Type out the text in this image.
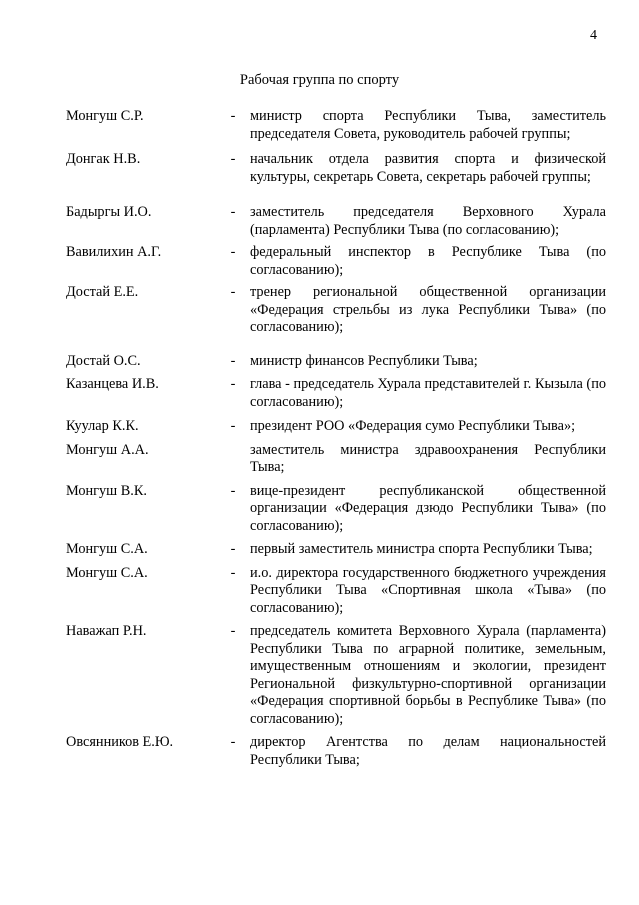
4
Рабочая группа по спорту
Монгуш С.Р.	- министр спорта Республики Тыва, заместитель председателя Совета, руководитель рабочей группы;
Донгак Н.В.	- начальник отдела развития спорта и физической культуры, секретарь Совета, секретарь рабочей группы;
Бадыргы И.О.	- заместитель председателя Верховного Хурала (парламента) Республики Тыва (по согласованию);
Вавилихин А.Г.	- федеральный инспектор в Республике Тыва (по согласованию);
Достай Е.Е.	- тренер региональной общественной организации «Федерация стрельбы из лука Республики Тыва» (по согласованию);
Достай О.С.	- министр финансов Республики Тыва;
Казанцева И.В.	- глава - председатель Хурала представителей г. Кызыла (по согласованию);
Куулар К.К.	- президент РОО «Федерация сумо Республики Тыва»;
Монгуш А.А.	заместитель министра здравоохранения Республики Тыва;
Монгуш В.К.	- вице-президент республиканской общественной организации «Федерация дзюдо Республики Тыва» (по согласованию);
Монгуш С.А.	- первый заместитель министра спорта Республики Тыва;
Монгуш С.А.	- и.о. директора государственного бюджетного учреждения Республики Тыва «Спортивная школа «Тыва» (по согласованию);
Наважап Р.Н.	- председатель комитета Верховного Хурала (парламента) Республики Тыва по аграрной политике, земельным, имущественным отношениям и экологии, президент Региональной физкультурно-спортивной организации «Федерация спортивной борьбы в Республике Тыва» (по согласованию);
Овсянников Е.Ю.	- директор Агентства по делам национальностей Республики Тыва;
